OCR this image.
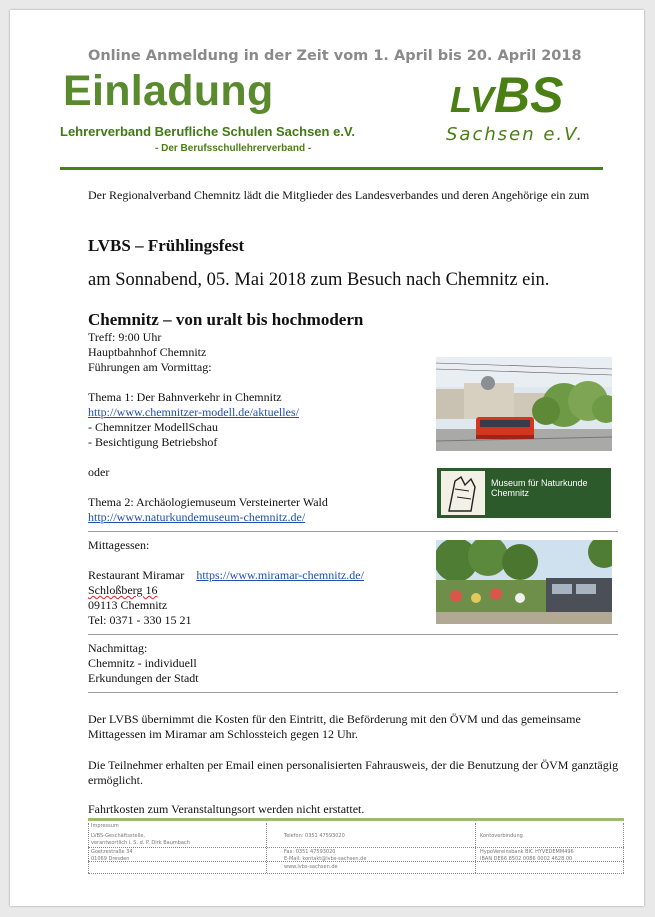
Online Anmeldung in der Zeit vom 1. April bis 20. April 2018
Einladung	LVBS
Sachsen e.V.
Lehrerverband Berufliche Schulen Sachsen e.V.
- Der Berufsschullehrerverband -
Der Regionalverband Chemnitz lädt die Mitglieder des Landesverbandes und deren Angehörige ein zum
LVBS – Frühlingsfest
am Sonnabend, 05. Mai 2018 zum Besuch nach Chemnitz ein.
Chemnitz – von uralt bis hochmodern
Treff: 9:00 Uhr
Hauptbahnhof Chemnitz
Führungen am Vormittag:
Thema 1: Der Bahnverkehr in Chemnitz
http://www.chemnitzer-modell.de/aktuelles/
- Chemnitzer ModellSchau
- Besichtigung Betriebshof
oder
Thema 2: Archäologiemuseum Versteinerter Wald
http://www.naturkundemuseum-chemnitz.de/
Museum für Naturkunde
Chemnitz
Mittagessen:
Restaurant Miramar https://www.miramar-chemnitz.de/
Schloßberg 16
09113 Chemnitz
Tel: 0371 - 330 15 21
Nachmittag:
Chemnitz - individuell
Erkundungen der Stadt
Der LVBS übernimmt die Kosten für den Eintritt, die Beförderung mit den ÖVM und das gemeinsame Mittagessen im Miramar am Schlossteich gegen 12 Uhr.
Die Teilnehmer erhalten per Email einen personalisierten Fahrausweis, der die Benutzung der ÖVM ganztägig ermöglicht.
Fahrtkosten zum Veranstaltungsort werden nicht erstattet.
Impressum
LVBS-Geschäftsstelle,
verantwortlich i. S. d. P. Dirk Baumbach
Goetzestraße 34
01069 Dresden
Telefon: 0351 47593020
Fax: 0351 47593020
E-Mail: kontakt@lvbs-sachsen.de
www.lvbs-sachsen.de
Kontoverbindung
HypoVereinsbank BIC HYVEDEMM496
IBAN DE66 8502 0086 0002 4628 00
